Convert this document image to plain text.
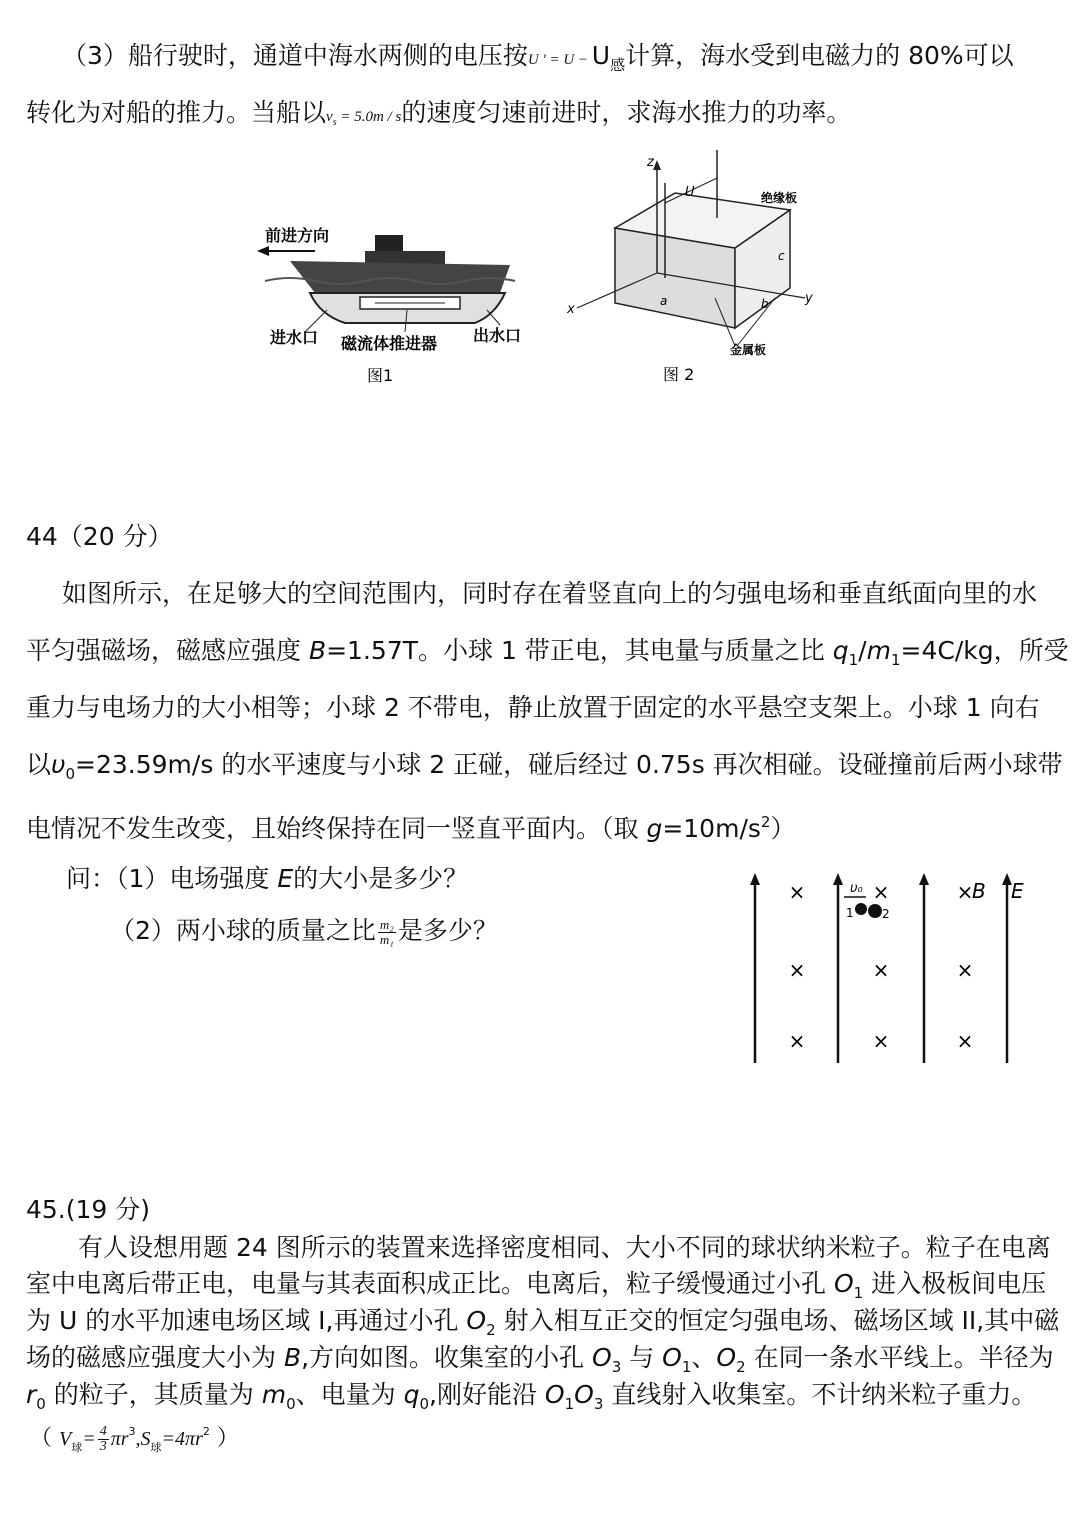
（3）船行驶时，通道中海水两侧的电压按U ' = $U - U_感$计算，海水受到电磁力的 80%可以
转化为对船的推力。当船以vs = 5.0m / s的速度匀速前进时，求海水推力的功率。
前进方向
进水口 磁流体推进器 出水口
图1
z
x
y
U	绝缘板
c
b
a
金属板
图 2
44（20 分）
如图所示，在足够大的空间范围内，同时存在着竖直向上的匀强电场和垂直纸面向里的水
平匀强磁场，磁感应强度 B=1.57T。小球 1 带正电，其电量与质量之比 $q_1/m_1=4C/kg$，所受
重力与电场力的大小相等；小球 2 不带电，静止放置于固定的水平悬空支架上。小球 1 向右
以$\upsilon_0=23.59m/s$ 的水平速度与小球 2 正碰，碰后经过 0.75s 再次相碰。设碰撞前后两小球带
电情况不发生改变，且始终保持在同一竖直平面内。（取 $g=10m/s^2$）
问：（1）电场强度 E的大小是多少？
（2）两小球的质量之比 $\frac{\text{m₂}}{\text{m₁}}$ 是多少？
×	×	×
×	×	×
×	×	×
B E
υ₀
1 2
45.(19 分)
有人设想用题 24 图所示的装置来选择密度相同、大小不同的球状纳米粒子。粒子在电离
室中电离后带正电，电量与其表面积成正比。电离后，粒子缓慢通过小孔 $O_1$ 进入极板间电压
为 U 的水平加速电场区域 I,再通过小孔 $O_2$ 射入相互正交的恒定匀强电场、磁场区域 II,其中磁
场的磁感应强度大小为 B,方向如图。收集室的小孔 $O_3$ 与 $O_1$、$O_2$ 在同一条水平线上。半径为
$r_0$ 的粒子，其质量为 $m_0$、电量为 $q_0$,刚好能沿 $O_1O_3$ 直线射入收集室。不计纳米粒子重力。
（ $V_球= \frac{4}{3} \pi r^3,S_球=4\pi r^2$ ）
